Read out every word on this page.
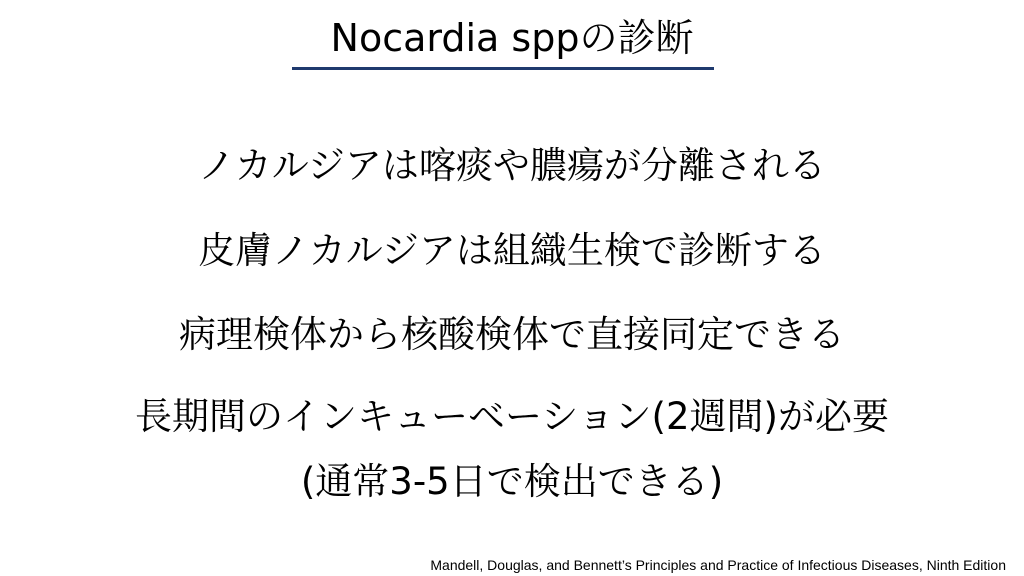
Nocardia sppの診断
ノカルジアは喀痰や膿瘍が分離される
皮膚ノカルジアは組織生検で診断する
病理検体から核酸検体で直接同定できる
長期間のインキューベーション(2週間)が必要
(通常3-5日で検出できる)
Mandell, Douglas, and Bennett’s Principles and Practice of Infectious Diseases, Ninth Edition
